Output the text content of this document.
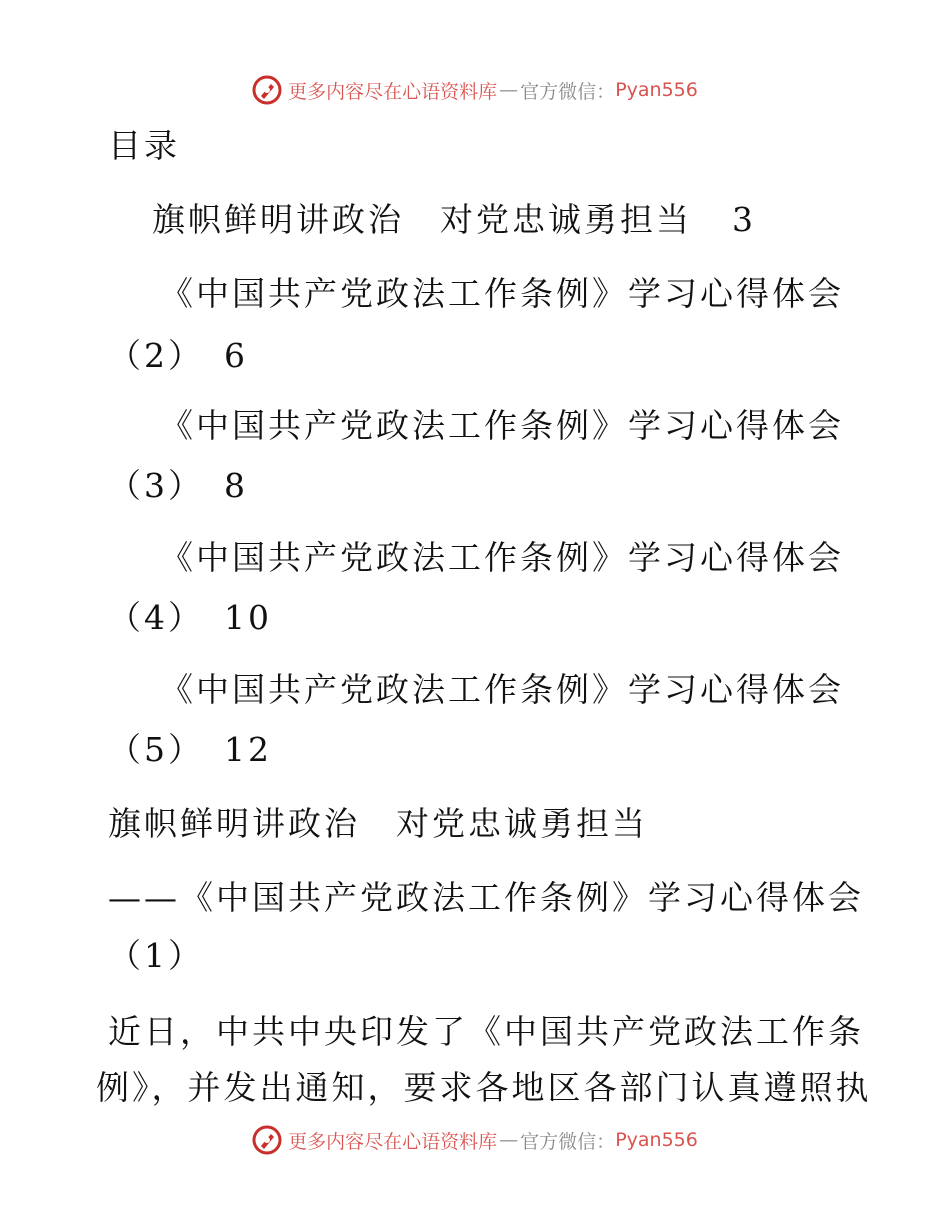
更多内容尽在心语资料库 — 官方微信： Pyan556
目录
旗帜鲜明讲政治　对党忠诚勇担当 3
《中国共产党政法工作条例》学习心得体会
（2） 6
《中国共产党政法工作条例》学习心得体会
（3） 8
《中国共产党政法工作条例》学习心得体会
（4） 10
《中国共产党政法工作条例》学习心得体会
（5） 12
旗帜鲜明讲政治　对党忠诚勇担当
——《中国共产党政法工作条例》学习心得体会
（1）
近日，中共中央印发了《中国共产党政法工作条
例》，并发出通知，要求各地区各部门认真遵照执
更多内容尽在心语资料库 — 官方微信： Pyan556
